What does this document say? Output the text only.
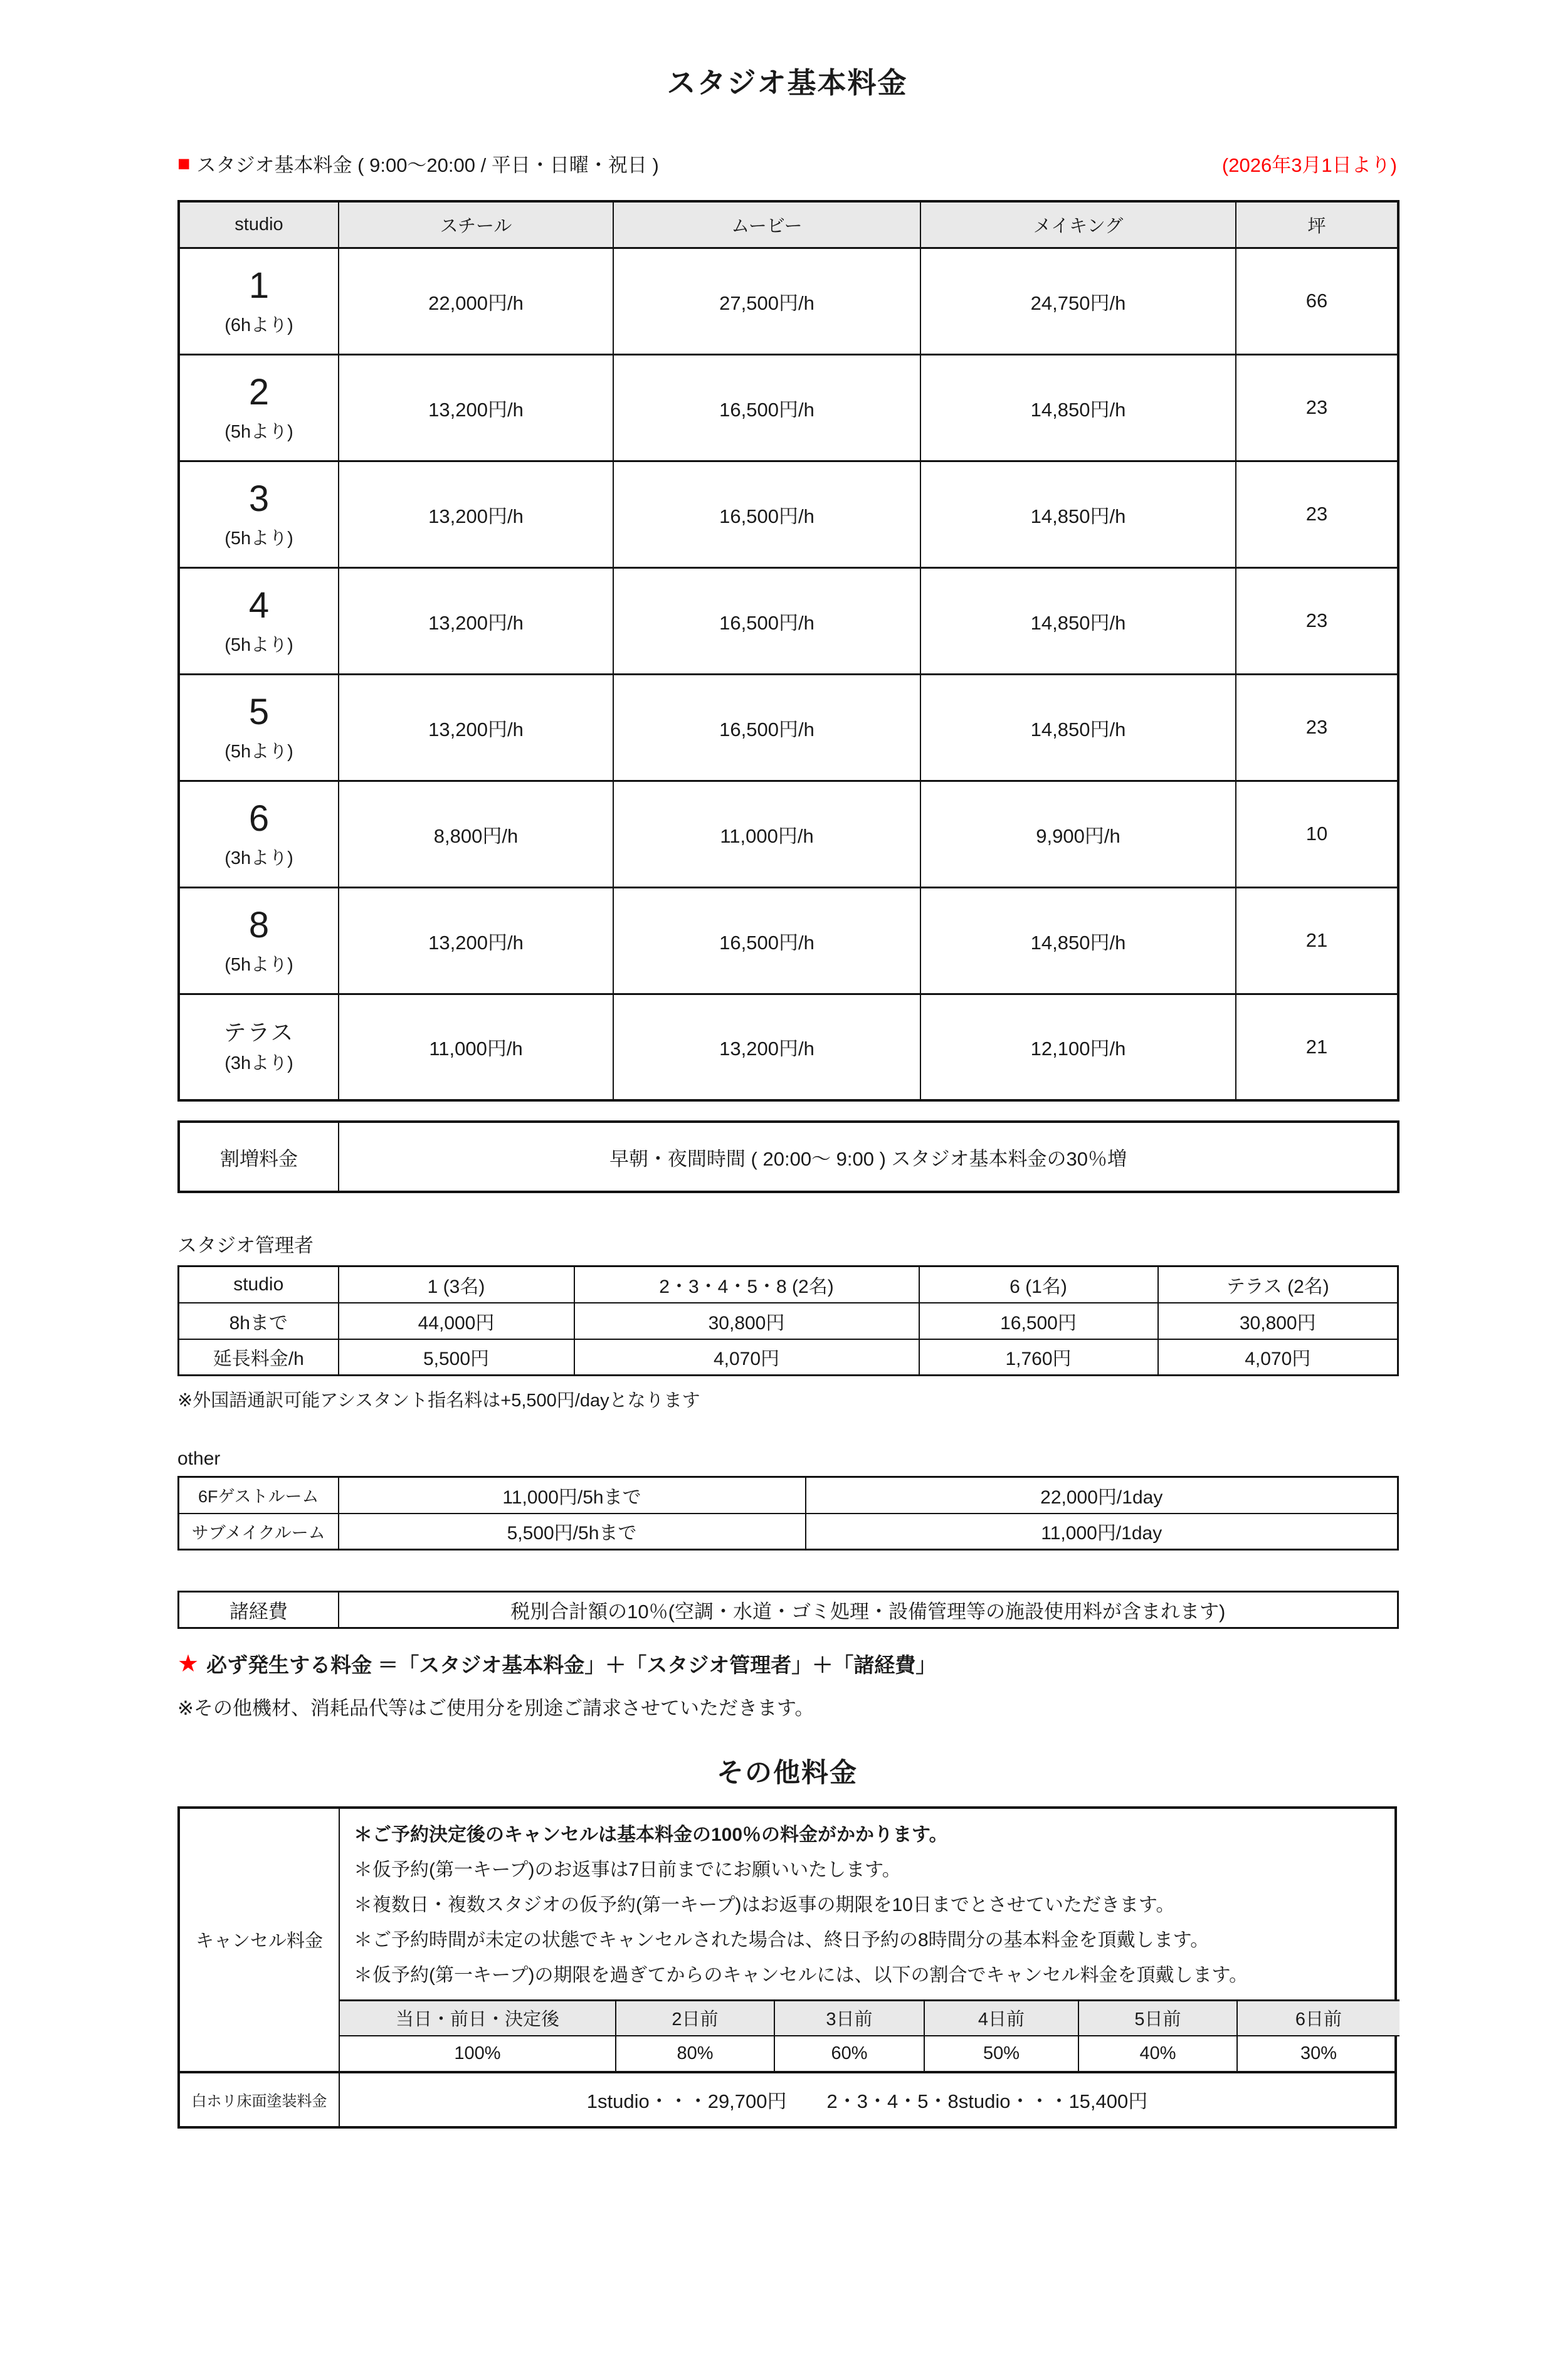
スタジオ基本料金
■ スタジオ基本料金 ( 9:00～20:00 / 平日・日曜・祝日 )	(2026年3月1日より)
studio	スチール	ムービー	メイキング	坪

1
(6hより)	22,000円/h	27,500円/h	24,750円/h	66

2
(5hより)	13,200円/h	16,500円/h	14,850円/h	23

3
(5hより)	13,200円/h	16,500円/h	14,850円/h	23

4
(5hより)	13,200円/h	16,500円/h	14,850円/h	23

5
(5hより)	13,200円/h	16,500円/h	14,850円/h	23

6
(3hより)	8,800円/h	11,000円/h	9,900円/h	10

8
(5hより)	13,200円/h	16,500円/h	14,850円/h	21

テラス
(3hより)	11,000円/h	13,200円/h	12,100円/h	21
割増料金	早朝・夜間時間 ( 20:00～ 9:00 ) スタジオ基本料金の30％増
スタジオ管理者
studio	1 (3名)	2・3・4・5・8 (2名)	6 (1名)	テラス (2名)
8hまで	44,000円	30,800円	16,500円	30,800円
延長料金/h	5,500円	4,070円	1,760円	4,070円
※外国語通訳可能アシスタント指名料は+5,500円/dayとなります
other
6Fゲストルーム	11,000円/5hまで	22,000円/1day
サブメイクルーム	5,500円/5hまで	11,000円/1day
諸経費	税別合計額の10％(空調・水道・ゴミ処理・設備管理等の施設使用料が含まれます)
★ 必ず発生する料金 ＝「スタジオ基本料金」＋「スタジオ管理者」＋「諸経費」
※その他機材、消耗品代等はご使用分を別途ご請求させていただきます。
その他料金
キャンセル料金
＊ご予約決定後のキャンセルは基本料金の100％の料金がかかります。
＊仮予約(第一キープ)のお返事は7日前までにお願いいたします。
＊複数日・複数スタジオの仮予約(第一キープ)はお返事の期限を10日までとさせていただきます。
＊ご予約時間が未定の状態でキャンセルされた場合は、終日予約の8時間分の基本料金を頂戴します。
＊仮予約(第一キープ)の期限を過ぎてからのキャンセルには、以下の割合でキャンセル料金を頂戴します。
当日・前日・決定後	2日前	3日前	4日前	5日前	6日前
100%	80%	60%	50%	40%	30%
白ホリ床面塗装料金	1studio・・・29,700円 2・3・4・5・8studio・・・15,400円
